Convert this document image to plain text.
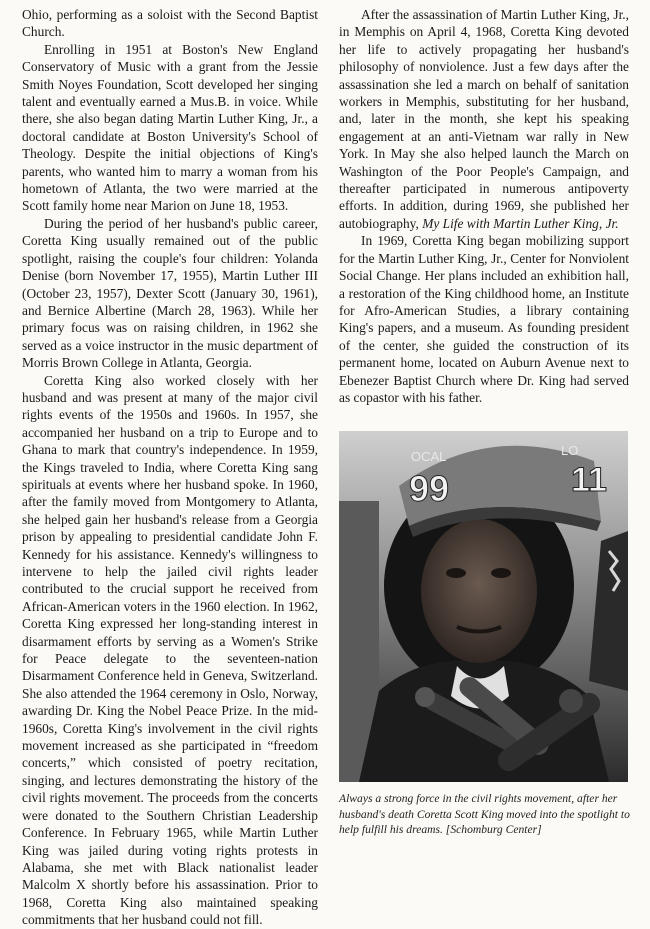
Ohio, performing as a soloist with the Second Baptist Church.

Enrolling in 1951 at Boston's New England Conservatory of Music with a grant from the Jessie Smith Noyes Foundation, Scott developed her singing talent and eventually earned a Mus.B. in voice. While there, she also began dating Martin Luther King, Jr., a doctoral candidate at Boston University's School of Theology. Despite the initial objections of King's parents, who wanted him to marry a woman from his hometown of Atlanta, the two were married at the Scott family home near Marion on June 18, 1953.

During the period of her husband's public career, Coretta King usually remained out of the public spotlight, raising the couple's four children: Yolanda Denise (born November 17, 1955), Martin Luther III (October 23, 1957), Dexter Scott (January 30, 1961), and Bernice Albertine (March 28, 1963). While her primary focus was on raising children, in 1962 she served as a voice instructor in the music department of Morris Brown College in Atlanta, Georgia.

Coretta King also worked closely with her husband and was present at many of the major civil rights events of the 1950s and 1960s. In 1957, she accompanied her husband on a trip to Europe and to Ghana to mark that country's independence. In 1959, the Kings traveled to India, where Coretta King sang spirituals at events where her husband spoke. In 1960, after the family moved from Montgomery to Atlanta, she helped gain her husband's release from a Georgia prison by appealing to presidential candidate John F. Kennedy for his assistance. Kennedy's willingness to intervene to help the jailed civil rights leader contributed to the crucial support he received from African-American voters in the 1960 election. In 1962, Coretta King expressed her long-standing interest in disarmament efforts by serving as a Women's Strike for Peace delegate to the seventeen-nation Disarmament Conference held in Geneva, Switzerland. She also attended the 1964 ceremony in Oslo, Norway, awarding Dr. King the Nobel Peace Prize. In the mid-1960s, Coretta King's involvement in the civil rights movement increased as she participated in “freedom concerts,” which consisted of poetry recitation, singing, and lectures demonstrating the history of the civil rights movement. The proceeds from the concerts were donated to the Southern Christian Leadership Conference. In February 1965, while Martin Luther King was jailed during voting rights protests in Alabama, she met with Black nationalist leader Malcolm X shortly before his assassination. Prior to 1968, Coretta King also maintained speaking commitments that her husband could not fill.

After the assassination of Martin Luther King, Jr., in Memphis on April 4, 1968, Coretta King devoted her life to actively propagating her husband's philosophy of nonviolence. Just a few days after the assassination she led a march on behalf of sanitation workers in Memphis, substituting for her husband, and, later in the month, she kept his speaking engagement at an anti-Vietnam war rally in New York. In May she also helped launch the March on Washington of the Poor People's Campaign, and thereafter participated in numerous antipoverty efforts. In addition, during 1969, she published her autobiography, My Life with Martin Luther King, Jr.

In 1969, Coretta King began mobilizing support for the Martin Luther King, Jr., Center for Nonviolent Social Change. Her plans included an exhibition hall, a restoration of the King childhood home, an Institute for Afro-American Studies, a library containing King's papers, and a museum. As founding president of the center, she guided the construction of its permanent home, located on Auburn Avenue next to Ebenezer Baptist Church where Dr. King had served as copastor with his father.

OCAL	LO
99	11
Always a strong force in the civil rights movement, after her husband's death Coretta Scott King moved into the spotlight to help fulfill his dreams. [Schomburg Center]
